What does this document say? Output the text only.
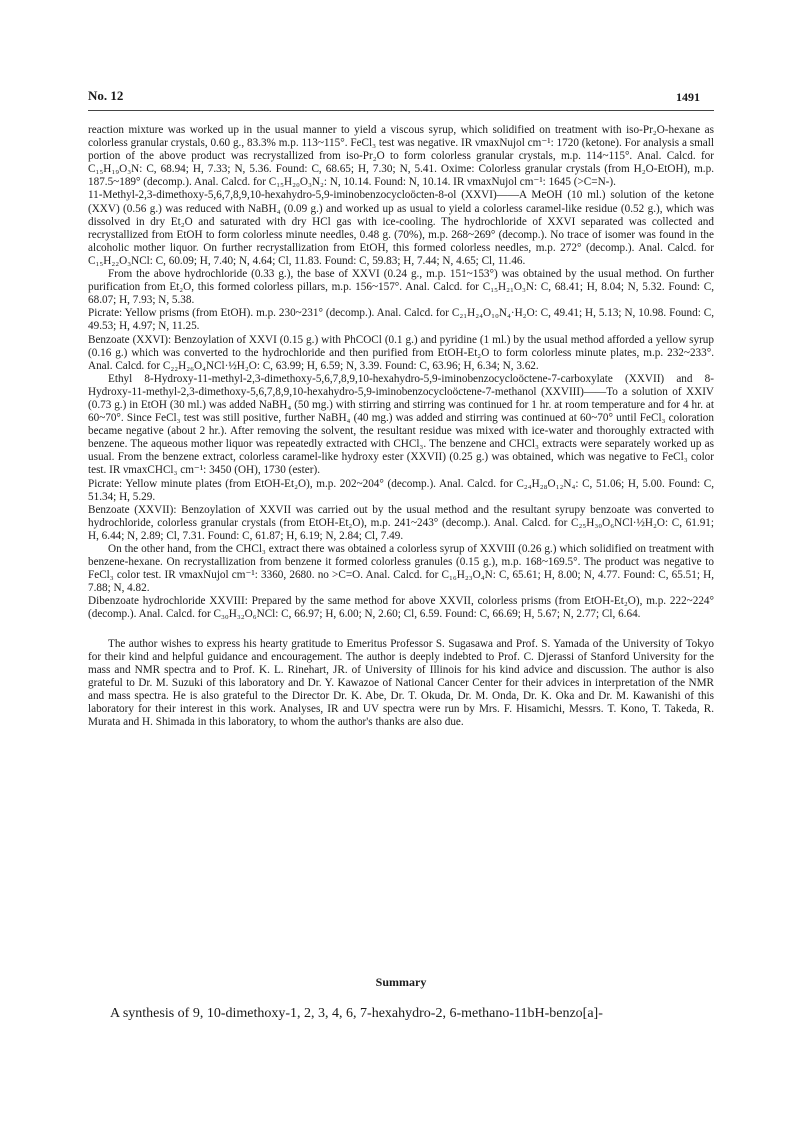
No. 12	1491

reaction mixture was worked up in the usual manner to yield a viscous syrup, which solidified on treatment with iso-Pr₂O-hexane as colorless granular crystals, 0.60 g., 83.3% m.p. 113~115°. FeCl₃ test was negative. IR νmaxNujol cm⁻¹: 1720 (ketone). For analysis a small portion of the above product was recrystallized from iso-Pr₂O to form colorless granular crystals, m.p. 114~115°. Anal. Calcd. for C₁₅H₁₉O₃N: C, 68.94; H, 7.33; N, 5.36. Found: C, 68.65; H, 7.30; N, 5.41. Oxime: Colorless granular crystals (from H₂O-EtOH), m.p. 187.5~189° (decomp.). Anal. Calcd. for C₁₅H₂₀O₃N₂: N, 10.14. Found: N, 10.14. IR νmaxNujol cm⁻¹: 1645 (>C=N-).

11-Methyl-2,3-dimethoxy-5,6,7,8,9,10-hexahydro-5,9-iminobenzocycloöcten-8-ol (XXVI)——A MeOH (10 ml.) solution of the ketone (XXV) (0.56 g.) was reduced with NaBH₄ (0.09 g.) and worked up as usual to yield a colorless caramel-like residue (0.52 g.), which was dissolved in dry Et₂O and saturated with dry HCl gas with ice-cooling. The hydrochloride of XXVI separated was collected and recrystallized from EtOH to form colorless minute needles, 0.48 g. (70%), m.p. 268~269° (decomp.). No trace of isomer was found in the alcoholic mother liquor. On further recrystallization from EtOH, this formed colorless needles, m.p. 272° (decomp.). Anal. Calcd. for C₁₅H₂₂O₃NCl: C, 60.09; H, 7.40; N, 4.64; Cl, 11.83. Found: C, 59.83; H, 7.44; N, 4.65; Cl, 11.46.

From the above hydrochloride (0.33 g.), the base of XXVI (0.24 g., m.p. 151~153°) was obtained by the usual method. On further purification from Et₂O, this formed colorless pillars, m.p. 156~157°. Anal. Calcd. for C₁₅H₂₁O₃N: C, 68.41; H, 8.04; N, 5.32. Found: C, 68.07; H, 7.93; N, 5.38.

Picrate: Yellow prisms (from EtOH). m.p. 230~231° (decomp.). Anal. Calcd. for C₂₁H₂₄O₁₀N₄·H₂O: C, 49.41; H, 5.13; N, 10.98. Found: C, 49.53; H, 4.97; N, 11.25.

Benzoate (XXVI): Benzoylation of XXVI (0.15 g.) with PhCOCl (0.1 g.) and pyridine (1 ml.) by the usual method afforded a yellow syrup (0.16 g.) which was converted to the hydrochloride and then purified from EtOH-Et₂O to form colorless minute plates, m.p. 232~233°. Anal. Calcd. for C₂₂H₂₆O₄NCl·½H₂O: C, 63.99; H, 6.59; N, 3.39. Found: C, 63.96; H, 6.34; N, 3.62.

Ethyl 8-Hydroxy-11-methyl-2,3-dimethoxy-5,6,7,8,9,10-hexahydro-5,9-iminobenzocycloöctene-7-carboxylate (XXVII) and 8-Hydroxy-11-methyl-2,3-dimethoxy-5,6,7,8,9,10-hexahydro-5,9-iminobenzocycloöctene-7-methanol (XXVIII)——To a solution of XXIV (0.73 g.) in EtOH (30 ml.) was added NaBH₄ (50 mg.) with stirring and stirring was continued for 1 hr. at room temperature and for 4 hr. at 60~70°. Since FeCl₃ test was still positive, further NaBH₄ (40 mg.) was added and stirring was continued at 60~70° until FeCl₃ coloration became negative (about 2 hr.). After removing the solvent, the resultant residue was mixed with ice-water and thoroughly extracted with benzene. The aqueous mother liquor was repeatedly extracted with CHCl₃. The benzene and CHCl₃ extracts were separately worked up as usual. From the benzene extract, colorless caramel-like hydroxy ester (XXVII) (0.25 g.) was obtained, which was negative to FeCl₃ color test. IR νmaxCHCl₃ cm⁻¹: 3450 (OH), 1730 (ester).

Picrate: Yellow minute plates (from EtOH-Et₂O), m.p. 202~204° (decomp.). Anal. Calcd. for C₂₄H₂₈O₁₂N₄: C, 51.06; H, 5.00. Found: C, 51.34; H, 5.29.

Benzoate (XXVII): Benzoylation of XXVII was carried out by the usual method and the resultant syrupy benzoate was converted to hydrochloride, colorless granular crystals (from EtOH-Et₂O), m.p. 241~243° (decomp.). Anal. Calcd. for C₂₅H₃₀O₆NCl·½H₂O: C, 61.91; H, 6.44; N, 2.89; Cl, 7.31. Found: C, 61.87; H, 6.19; N, 2.84; Cl, 7.49.

On the other hand, from the CHCl₃ extract there was obtained a colorless syrup of XXVIII (0.26 g.) which solidified on treatment with benzene-hexane. On recrystallization from benzene it formed colorless granules (0.15 g.), m.p. 168~169.5°. The product was negative to FeCl₃ color test. IR νmaxNujol cm⁻¹: 3360, 2680. no >C=O. Anal. Calcd. for C₁₆H₂₃O₄N: C, 65.61; H, 8.00; N, 4.77. Found: C, 65.51; H, 7.88; N, 4.82.

Dibenzoate hydrochloride XXVIII: Prepared by the same method for above XXVII, colorless prisms (from EtOH-Et₂O), m.p. 222~224° (decomp.). Anal. Calcd. for C₃₀H₃₂O₆NCl: C, 66.97; H, 6.00; N, 2.60; Cl, 6.59. Found: C, 66.69; H, 5.67; N, 2.77; Cl, 6.64.

The author wishes to express his hearty gratitude to Emeritus Professor S. Sugasawa and Prof. S. Yamada of the University of Tokyo for their kind and helpful guidance and encouragement. The author is deeply indebted to Prof. C. Djerassi of Stanford University for the mass and NMR spectra and to Prof. K. L. Rinehart, JR. of University of Illinois for his kind advice and discussion. The author is also grateful to Dr. M. Suzuki of this laboratory and Dr. Y. Kawazoe of National Cancer Center for their advices in interpretation of the NMR and mass spectra. He is also grateful to the Director Dr. K. Abe, Dr. T. Okuda, Dr. M. Onda, Dr. K. Oka and Dr. M. Kawanishi of this laboratory for their interest in this work. Analyses, IR and UV spectra were run by Mrs. F. Hisamichi, Messrs. T. Kono, T. Takeda, R. Murata and H. Shimada in this laboratory, to whom the author's thanks are also due.

Summary
A synthesis of 9, 10-dimethoxy-1, 2, 3, 4, 6, 7-hexahydro-2, 6-methano-11bH-benzo[a]-
